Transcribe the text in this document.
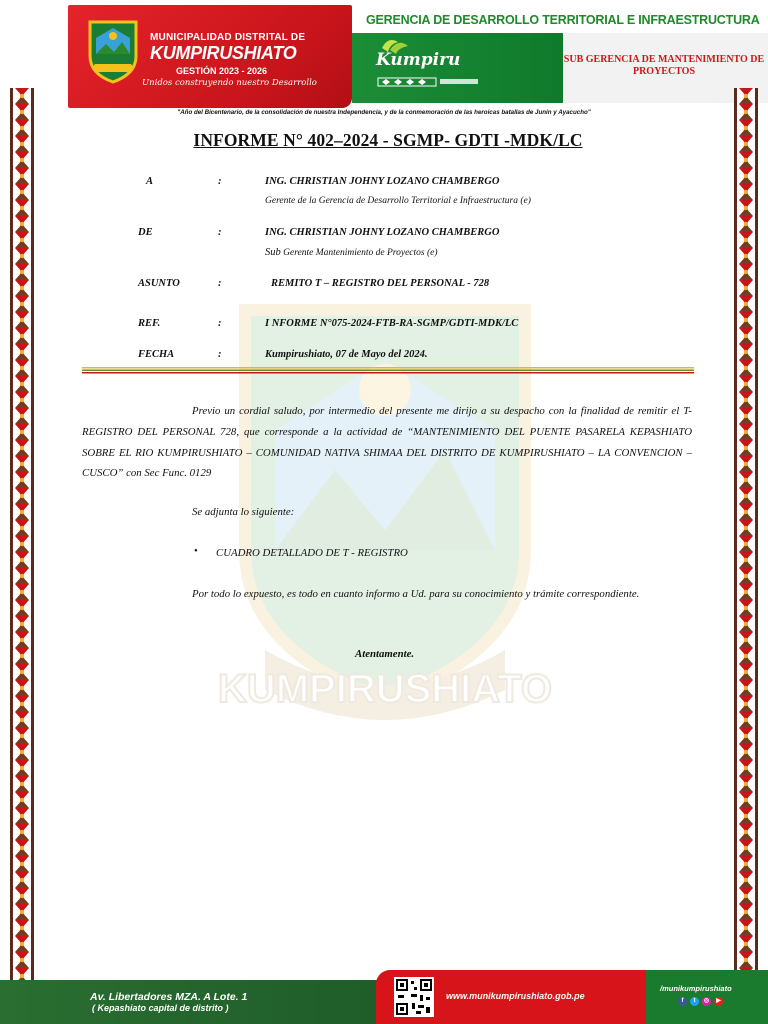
GERENCIA DE DESARROLLO TERRITORIAL E INFRAESTRUCTURA
SUB GERENCIA DE MANTENIMIENTO DE PROYECTOS
MUNICIPALIDAD DISTRITAL DE
KUMPIRUSHIATO
GESTIÓN 2023 - 2026
Unidos construyendo nuestro Desarrollo
Kumpiru
"Año del Bicentenario, de la consolidación de nuestra Independencia, y de la conmemoración de las heroicas batallas de Junín y Ayacucho"
KUMPIRUSHIATO
INFORME N° 402–2024 - SGMP- GDTI -MDK/LC
A	:	ING. CHRISTIAN JOHNY LOZANO CHAMBERGO
Gerente de la Gerencia de Desarrollo Territorial e Infraestructura (e)
DE	:	ING. CHRISTIAN JOHNY LOZANO CHAMBERGO
Sub Gerente Mantenimiento de Proyectos (e)
ASUNTO	:	REMITO T – REGISTRO DEL PERSONAL - 728
REF.	:	I NFORME N°075-2024-FTB-RA-SGMP/GDTI-MDK/LC
FECHA	:	Kumpirushiato, 07 de Mayo del 2024.
Previo un cordial saludo, por intermedio del presente me dirijo a su despacho con la finalidad de remitir el T- REGISTRO DEL PERSONAL 728, que corresponde a la actividad de “MANTENIMIENTO DEL PUENTE PASARELA KEPASHIATO SOBRE EL RIO KUMPIRUSHIATO – COMUNIDAD NATIVA SHIMAA DEL DISTRITO DE KUMPIRUSHIATO – LA CONVENCION – CUSCO” con Sec Func. 0129
Se adjunta lo siguiente:
• CUADRO DETALLADO DE T - REGISTRO
Por todo lo expuesto, es todo en cuanto informo a Ud. para su conocimiento y trámite correspondiente.
Atentamente.
Av. Libertadores MZA. A Lote. 1
( Kepashiato capital de distrito )
www.munikumpirushiato.gob.pe
/munikumpirushiato
f	t	◎	▶
